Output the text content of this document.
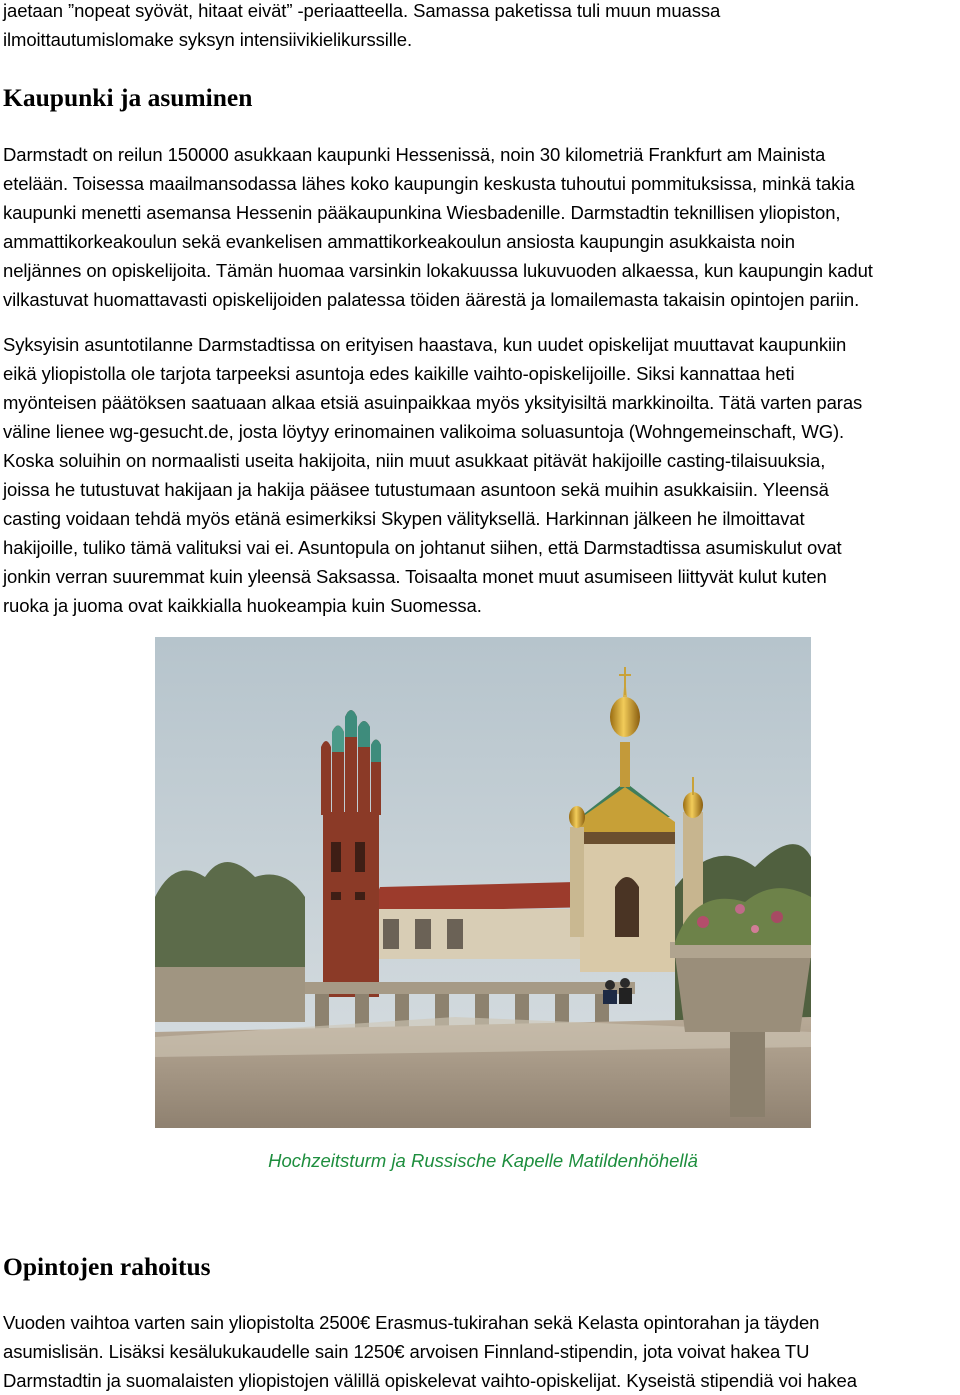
jaetaan ”nopeat syövät, hitaat eivät” -periaatteella. Samassa paketissa tuli muun muassa
ilmoittautumislomake syksyn intensiivikielikurssille.
Kaupunki ja asuminen
Darmstadt on reilun 150000 asukkaan kaupunki Hessenissä, noin 30 kilometriä Frankfurt am Mainista
etelään. Toisessa maailmansodassa lähes koko kaupungin keskusta tuhoutui pommituksissa, minkä takia
kaupunki menetti asemansa Hessenin pääkaupunkina Wiesbadenille. Darmstadtin teknillisen yliopiston,
ammattikorkeakoulun sekä evankelisen ammattikorkeakoulun ansiosta kaupungin asukkaista noin
neljännes on opiskelijoita. Tämän huomaa varsinkin lokakuussa lukuvuoden alkaessa, kun kaupungin kadut
vilkastuvat huomattavasti opiskelijoiden palatessa töiden äärestä ja lomailemasta takaisin opintojen pariin.
Syksyisin asuntotilanne Darmstadtissa on erityisen haastava, kun uudet opiskelijat muuttavat kaupunkiin
eikä yliopistolla ole tarjota tarpeeksi asuntoja edes kaikille vaihto-opiskelijoille. Siksi kannattaa heti
myönteisen päätöksen saatuaan alkaa etsiä asuinpaikkaa myös yksityisiltä markkinoilta. Tätä varten paras
väline lienee wg-gesucht.de, josta löytyy erinomainen valikoima soluasuntoja (Wohngemeinschaft, WG).
Koska soluihin on normaalisti useita hakijoita, niin muut asukkaat pitävät hakijoille casting-tilaisuuksia,
joissa he tutustuvat hakijaan ja hakija pääsee tutustumaan asuntoon sekä muihin asukkaisiin. Yleensä
casting voidaan tehdä myös etänä esimerkiksi Skypen välityksellä. Harkinnan jälkeen he ilmoittavat
hakijoille, tuliko tämä valituksi vai ei. Asuntopula on johtanut siihen, että Darmstadtissa asumiskulut ovat
jonkin verran suuremmat kuin yleensä Saksassa. Toisaalta monet muut asumiseen liittyvät kulut kuten
ruoka ja juoma ovat kaikkialla huokeampia kuin Suomessa.
Hochzeitsturm ja Russische Kapelle Matildenhöhellä
Opintojen rahoitus
Vuoden vaihtoa varten sain yliopistolta 2500€ Erasmus-tukirahan sekä Kelasta opintorahan ja täyden
asumislisän. Lisäksi kesälukukaudelle sain 1250€ arvoisen Finnland-stipendin, jota voivat hakea TU
Darmstadtin ja suomalaisten yliopistojen välillä opiskelevat vaihto-opiskelijat. Kyseistä stipendiä voi hakea
